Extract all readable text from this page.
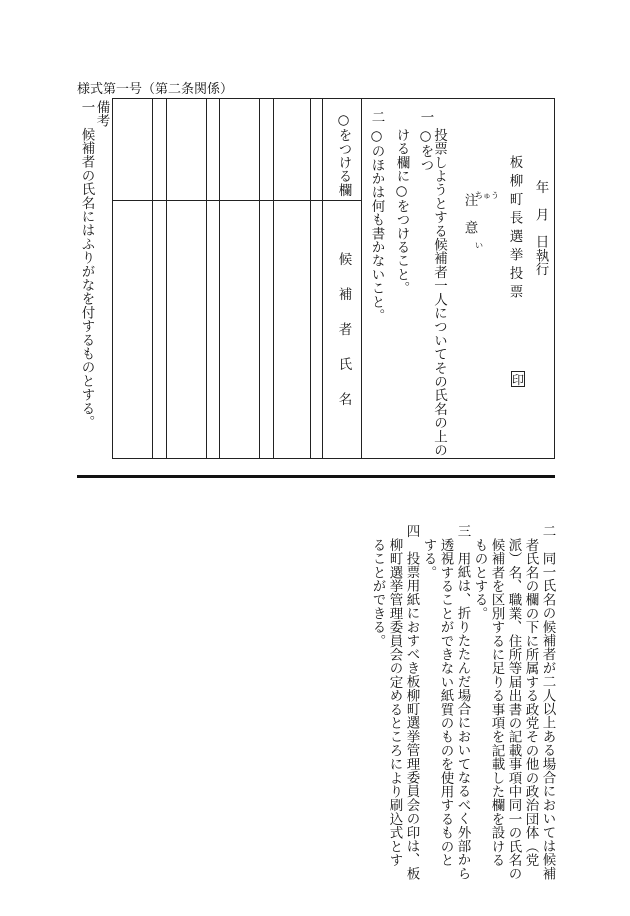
様式第一号（第二条関係）
年　月　日執行
板柳町長選挙投票
印
注　意
ちゅう
い
一
投票しようとする候補者一人についてその氏名の上の○をつ
ける欄に○をつけること。
二
○のほかは何も書かないこと。
○をつける欄
候　補　者　氏　名
備考
一　候補者の氏名にはふりがなを付するものとする。
二　同一氏名の候補者が二人以上ある場合においては候補
者氏名の欄の下に所属する政党その他の政治団体（党
派）名、職業、住所等届出書の記載事項中同一の氏名の
候補者を区別するに足りる事項を記載した欄を設ける
ものとする。
三　用紙は、折りたたんだ場合においてなるべく外部から
透視することができない紙質のものを使用するものと
する。
四　投票用紙におすべき板柳町選挙管理委員会の印は、板
柳町選挙管理委員会の定めるところにより刷込式とす
ることができる。
